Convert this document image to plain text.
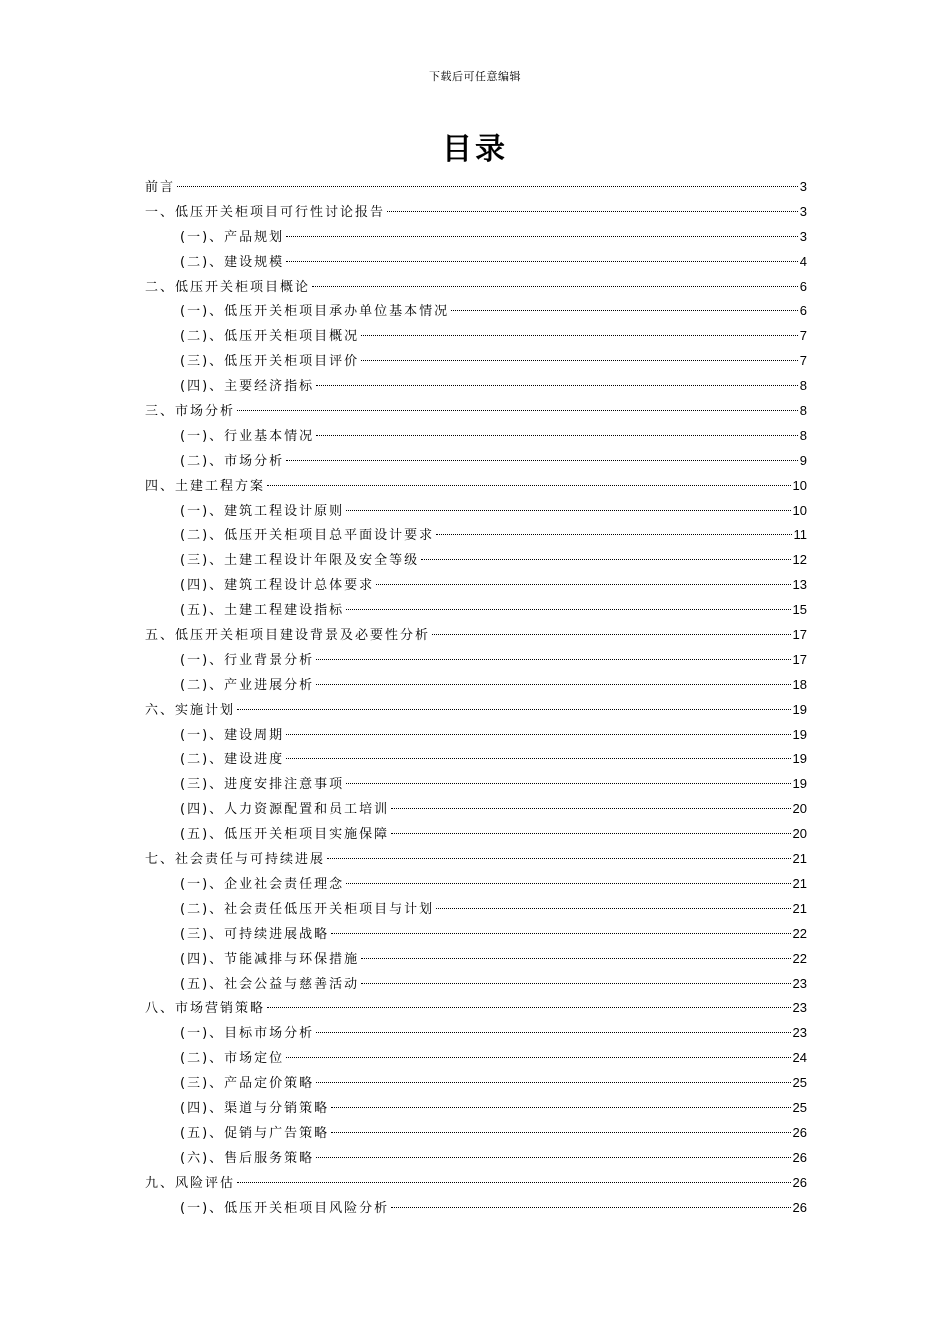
下载后可任意编辑
目录
前言	3
一、低压开关柜项目可行性讨论报告	3
(一)、产品规划	3
(二)、建设规模	4
二、低压开关柜项目概论	6
(一)、低压开关柜项目承办单位基本情况	6
(二)、低压开关柜项目概况	7
(三)、低压开关柜项目评价	7
(四)、主要经济指标	8
三、市场分析	8
(一)、行业基本情况	8
(二)、市场分析	9
四、土建工程方案	10
(一)、建筑工程设计原则	10
(二)、低压开关柜项目总平面设计要求	11
(三)、土建工程设计年限及安全等级	12
(四)、建筑工程设计总体要求	13
(五)、土建工程建设指标	15
五、低压开关柜项目建设背景及必要性分析	17
(一)、行业背景分析	17
(二)、产业进展分析	18
六、实施计划	19
(一)、建设周期	19
(二)、建设进度	19
(三)、进度安排注意事项	19
(四)、人力资源配置和员工培训	20
(五)、低压开关柜项目实施保障	20
七、社会责任与可持续进展	21
(一)、企业社会责任理念	21
(二)、社会责任低压开关柜项目与计划	21
(三)、可持续进展战略	22
(四)、节能减排与环保措施	22
(五)、社会公益与慈善活动	23
八、市场营销策略	23
(一)、目标市场分析	23
(二)、市场定位	24
(三)、产品定价策略	25
(四)、渠道与分销策略	25
(五)、促销与广告策略	26
(六)、售后服务策略	26
九、风险评估	26
(一)、低压开关柜项目风险分析	26
